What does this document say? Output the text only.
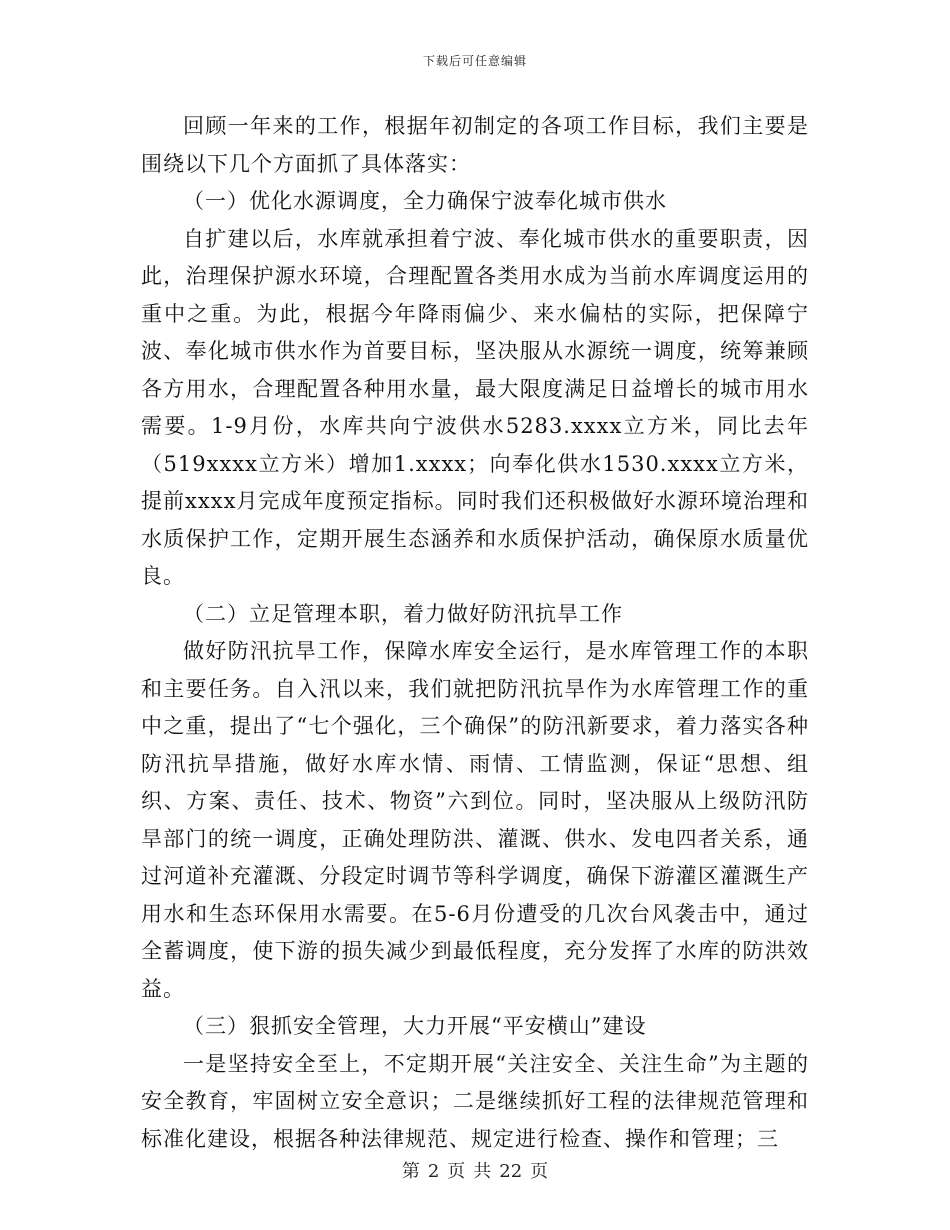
下载后可任意编辑

回顾一年来的工作，根据年初制定的各项工作目标，我们主要是围绕以下几个方面抓了具体落实：

（一）优化水源调度，全力确保宁波奉化城市供水

自扩建以后，水库就承担着宁波、奉化城市供水的重要职责，因此，治理保护源水环境，合理配置各类用水成为当前水库调度运用的重中之重。为此，根据今年降雨偏少、来水偏枯的实际，把保障宁波、奉化城市供水作为首要目标，坚决服从水源统一调度，统筹兼顾各方用水，合理配置各种用水量，最大限度满足日益增长的城市用水需要。1-9月份，水库共向宁波供水5283.xxxx立方米，同比去年（519xxxx立方米）增加1.xxxx；向奉化供水1530.xxxx立方米，提前xxxx月完成年度预定指标。同时我们还积极做好水源环境治理和水质保护工作，定期开展生态涵养和水质保护活动，确保原水质量优良。

（二）立足管理本职，着力做好防汛抗旱工作

做好防汛抗旱工作，保障水库安全运行，是水库管理工作的本职和主要任务。自入汛以来，我们就把防汛抗旱作为水库管理工作的重中之重，提出了“七个强化，三个确保”的防汛新要求，着力落实各种防汛抗旱措施，做好水库水情、雨情、工情监测，保证“思想、组织、方案、责任、技术、物资”六到位。同时，坚决服从上级防汛防旱部门的统一调度，正确处理防洪、灌溉、供水、发电四者关系，通过河道补充灌溉、分段定时调节等科学调度，确保下游灌区灌溉生产用水和生态环保用水需要。在5-6月份遭受的几次台风袭击中，通过全蓄调度，使下游的损失减少到最低程度，充分发挥了水库的防洪效益。

（三）狠抓安全管理，大力开展“平安横山”建设

一是坚持安全至上，不定期开展“关注安全、关注生命”为主题的安全教育，牢固树立安全意识；二是继续抓好工程的法律规范管理和标准化建设，根据各种法律规范、规定进行检查、操作和管理；三

第 2 页 共 22 页
